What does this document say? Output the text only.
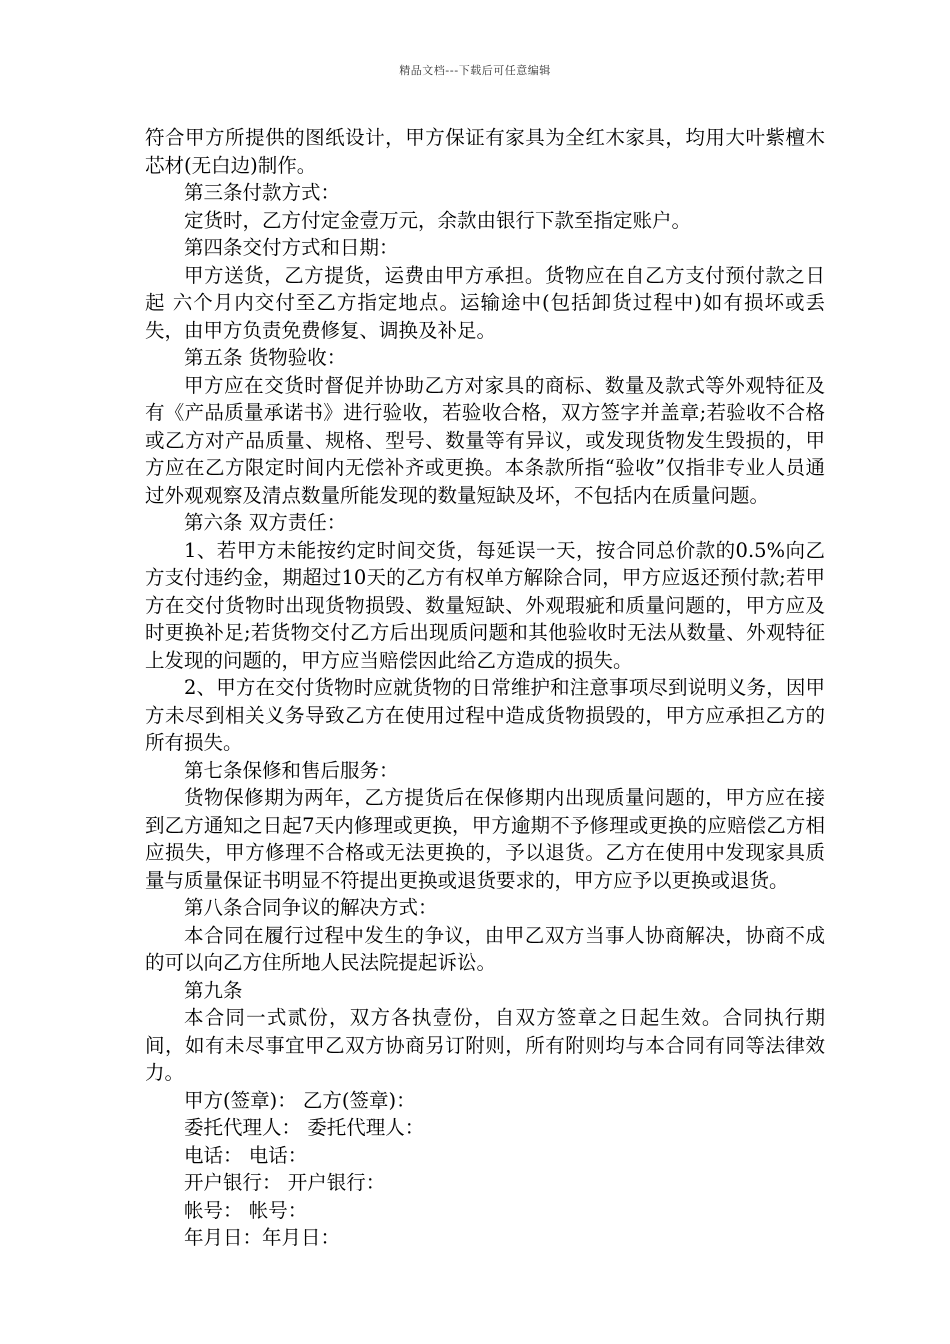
精品文档---下载后可任意编辑

符合甲方所提供的图纸设计，甲方保证有家具为全红木家具，均用大叶紫檀木芯材(无白边)制作。

第三条付款方式：

定货时，乙方付定金壹万元，余款由银行下款至指定账户。

第四条交付方式和日期：

甲方送货，乙方提货，运费由甲方承担。货物应在自乙方支付预付款之日起 六个月内交付至乙方指定地点。运输途中(包括卸货过程中)如有损坏或丢失，由甲方负责免费修复、调换及补足。

第五条 货物验收：

甲方应在交货时督促并协助乙方对家具的商标、数量及款式等外观特征及有《产品质量承诺书》进行验收，若验收合格，双方签字并盖章;若验收不合格或乙方对产品质量、规格、型号、数量等有异议，或发现货物发生毁损的，甲方应在乙方限定时间内无偿补齐或更换。本条款所指“验收”仅指非专业人员通过外观观察及清点数量所能发现的数量短缺及坏，不包括内在质量问题。

第六条 双方责任：

1、若甲方未能按约定时间交货，每延误一天，按合同总价款的0.5%向乙方支付违约金，期超过10天的乙方有权单方解除合同，甲方应返还预付款;若甲方在交付货物时出现货物损毁、数量短缺、外观瑕疵和质量问题的，甲方应及时更换补足;若货物交付乙方后出现质问题和其他验收时无法从数量、外观特征上发现的问题的，甲方应当赔偿因此给乙方造成的损失。

2、甲方在交付货物时应就货物的日常维护和注意事项尽到说明义务，因甲方未尽到相关义务导致乙方在使用过程中造成货物损毁的，甲方应承担乙方的所有损失。

第七条保修和售后服务：

货物保修期为两年，乙方提货后在保修期内出现质量问题的，甲方应在接到乙方通知之日起7天内修理或更换，甲方逾期不予修理或更换的应赔偿乙方相应损失，甲方修理不合格或无法更换的，予以退货。乙方在使用中发现家具质量与质量保证书明显不符提出更换或退货要求的，甲方应予以更换或退货。

第八条合同争议的解决方式：

本合同在履行过程中发生的争议，由甲乙双方当事人协商解决，协商不成的可以向乙方住所地人民法院提起诉讼。

第九条

本合同一式贰份，双方各执壹份，自双方签章之日起生效。合同执行期间，如有未尽事宜甲乙双方协商另订附则，所有附则均与本合同有同等法律效力。

甲方(签章)： 乙方(签章)：

委托代理人： 委托代理人：

电话： 电话：

开户银行： 开户银行：

帐号： 帐号：

年月日：年月日：
